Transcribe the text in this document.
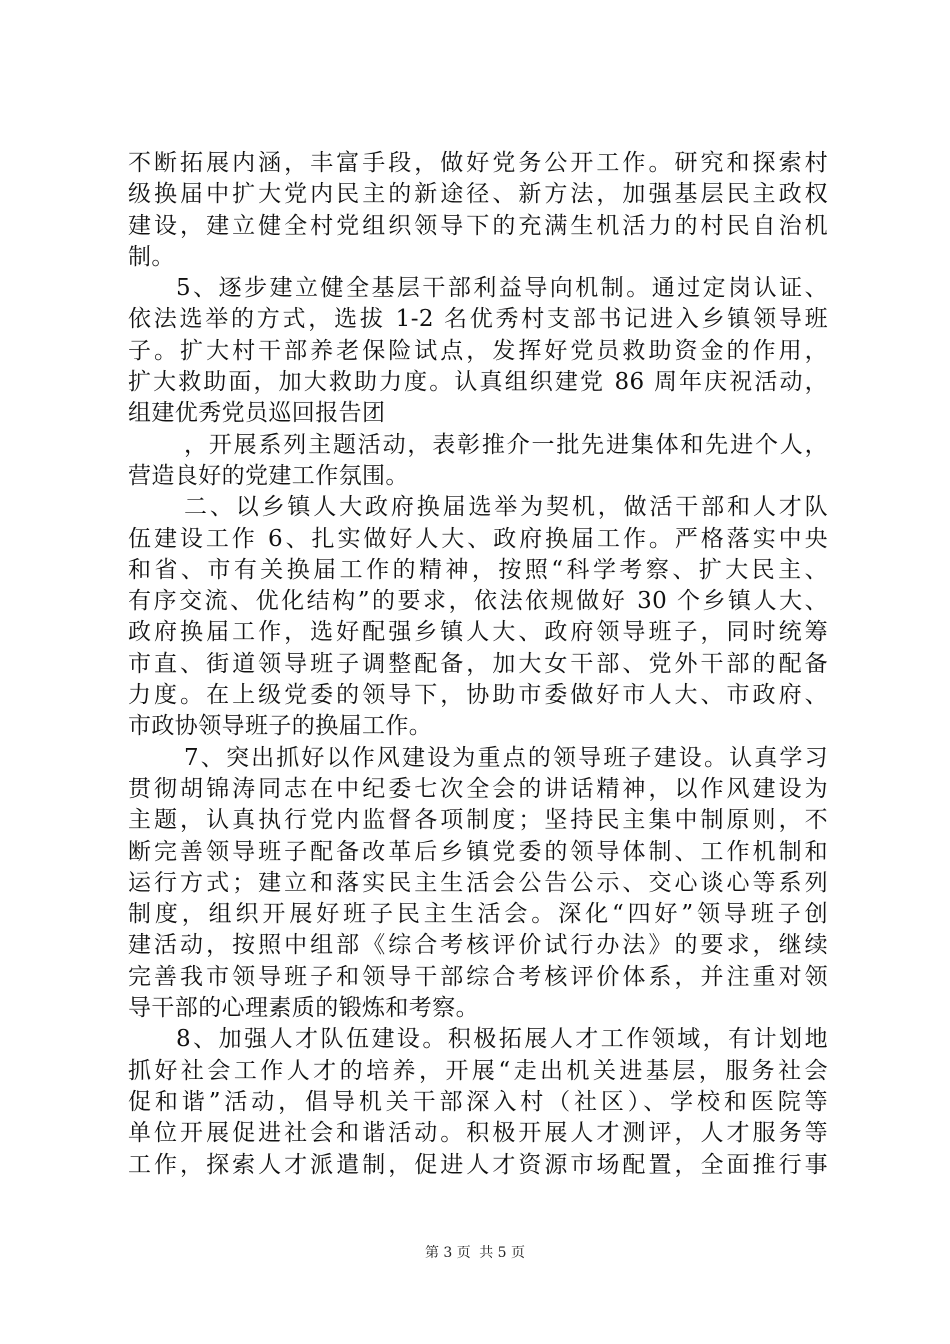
不断拓展内涵，丰富手段，做好党务公开工作。研究和探索村
级换届中扩大党内民主的新途径、新方法，加强基层民主政权
建设，建立健全村党组织领导下的充满生机活力的村民自治机
制。
5、逐步建立健全基层干部利益导向机制。通过定岗认证、
依法选举的方式，选拔 1-2 名优秀村支部书记进入乡镇领导班
子。扩大村干部养老保险试点，发挥好党员救助资金的作用，
扩大救助面，加大救助力度。认真组织建党 86 周年庆祝活动，
组建优秀党员巡回报告团
，开展系列主题活动，表彰推介一批先进集体和先进个人，
营造良好的党建工作氛围。
二、以乡镇人大政府换届选举为契机，做活干部和人才队
伍建设工作 6、扎实做好人大、政府换届工作。严格落实中央
和省、市有关换届工作的精神，按照“科学考察、扩大民主、
有序交流、优化结构”的要求，依法依规做好 30 个乡镇人大、
政府换届工作，选好配强乡镇人大、政府领导班子，同时统筹
市直、街道领导班子调整配备，加大女干部、党外干部的配备
力度。在上级党委的领导下，协助市委做好市人大、市政府、
市政协领导班子的换届工作。
7、突出抓好以作风建设为重点的领导班子建设。认真学习
贯彻胡锦涛同志在中纪委七次全会的讲话精神，以作风建设为
主题，认真执行党内监督各项制度；坚持民主集中制原则，不
断完善领导班子配备改革后乡镇党委的领导体制、工作机制和
运行方式；建立和落实民主生活会公告公示、交心谈心等系列
制度，组织开展好班子民主生活会。深化“四好”领导班子创
建活动，按照中组部《综合考核评价试行办法》的要求，继续
完善我市领导班子和领导干部综合考核评价体系，并注重对领
导干部的心理素质的锻炼和考察。
8、加强人才队伍建设。积极拓展人才工作领域，有计划地
抓好社会工作人才的培养，开展“走出机关进基层，服务社会
促和谐”活动，倡导机关干部深入村（社区）、学校和医院等
单位开展促进社会和谐活动。积极开展人才测评，人才服务等
工作，探索人才派遣制，促进人才资源市场配置，全面推行事
第 3 页 共 5 页
